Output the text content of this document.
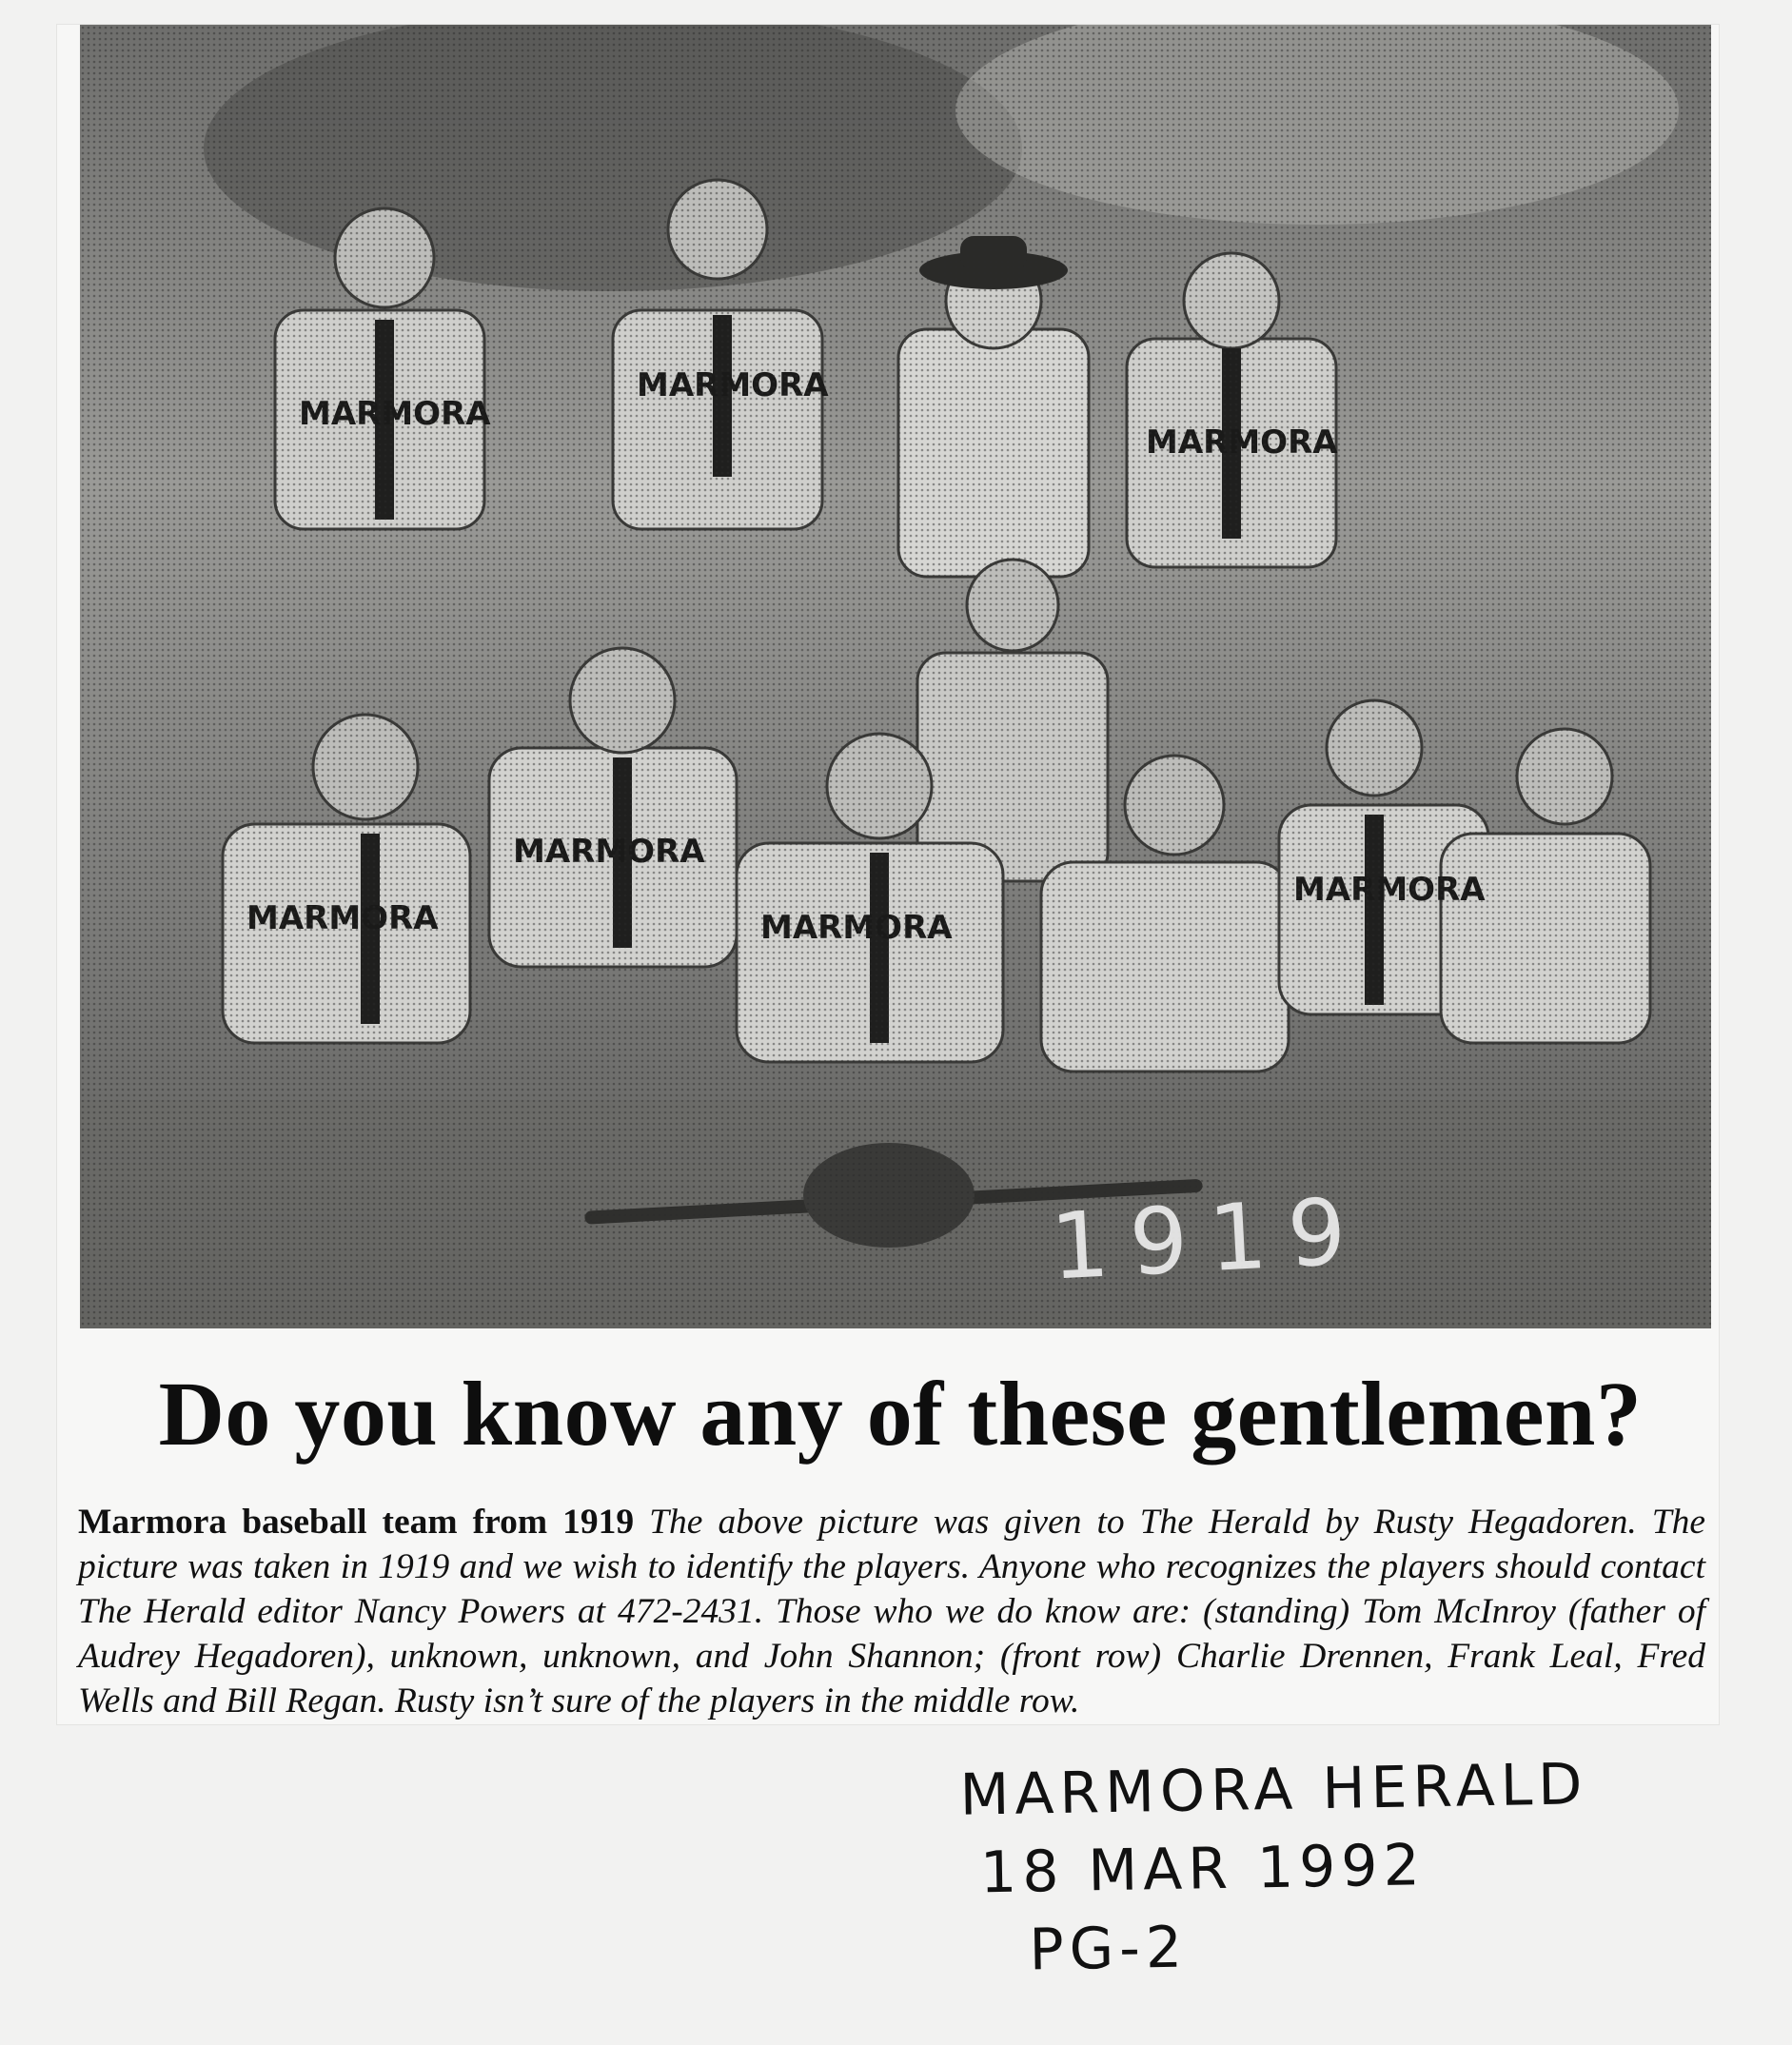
1919
Do you know any of these gentlemen?
Marmora baseball team from 1919 The above picture was given to The Herald by Rusty Hegadoren. The picture was taken in 1919 and we wish to identify the players. Anyone who recognizes the players should contact The Herald editor Nancy Powers at 472-2431. Those who we do know are: (standing) Tom McInroy (father of Audrey Hegadoren), unknown, unknown, and John Shannon; (front row) Charlie Drennen, Frank Leal, Fred Wells and Bill Regan. Rusty isn’t sure of the players in the middle row.
MARMORA HERALD
18 MAR 1992
PG-2
